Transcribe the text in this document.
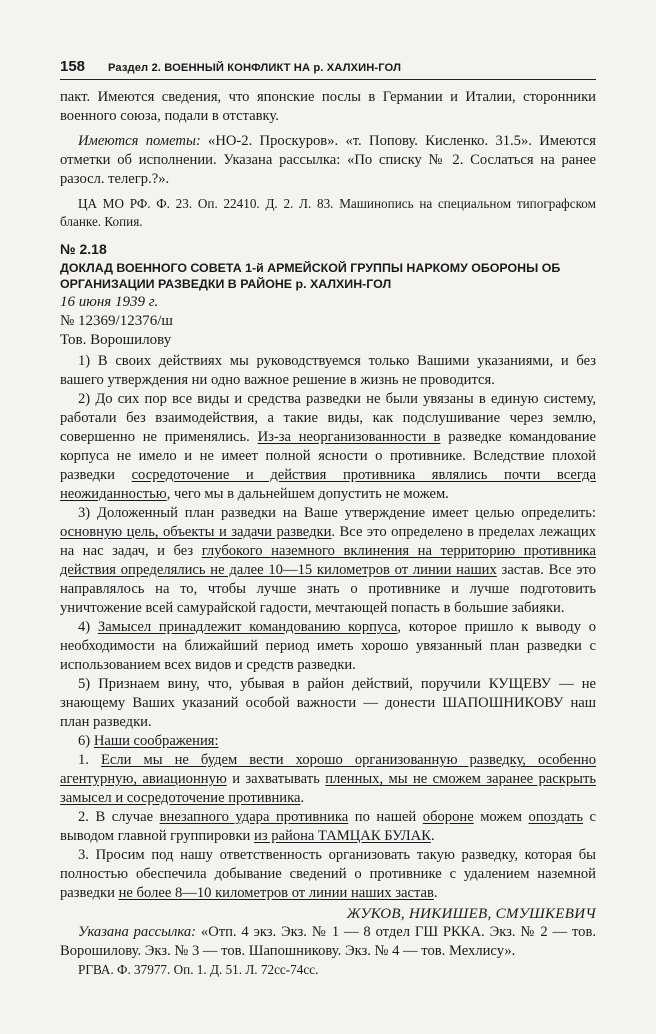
158	Раздел 2. ВОЕННЫЙ КОНФЛИКТ НА р. ХАЛХИН-ГОЛ

пакт. Имеются сведения, что японские послы в Германии и Италии, сторонники военного союза, подали в отставку.

Имеются пометы: «НО-2. Проскуров». «т. Попову. Кисленко. 31.5». Имеются отметки об исполнении. Указана рассылка: «По списку № 2. Сослаться на ранее разосл. телегр.?».

ЦА МО РФ. Ф. 23. Оп. 22410. Д. 2. Л. 83. Машинопись на специальном типографском бланке. Копия.

№ 2.18
ДОКЛАД ВОЕННОГО СОВЕТА 1-й АРМЕЙСКОЙ ГРУППЫ НАРКОМУ ОБОРОНЫ ОБ ОРГАНИЗАЦИИ РАЗВЕДКИ В РАЙОНЕ р. ХАЛХИН-ГОЛ
16 июня 1939 г.
№ 12369/12376/ш
Тов. Ворошилову

1) В своих действиях мы руководствуемся только Вашими указаниями, и без вашего утверждения ни одно важное решение в жизнь не проводится.

2) До сих пор все виды и средства разведки не были увязаны в единую систему, работали без взаимодействия, а такие виды, как подслушивание через землю, совершенно не применялись. Из-за неорганизованности в разведке командование корпуса не имело и не имеет полной ясности о противнике. Вследствие плохой разведки сосредоточение и действия противника являлись почти всегда неожиданностью, чего мы в дальнейшем допустить не можем.

3) Доложенный план разведки на Ваше утверждение имеет целью определить: основную цель, объекты и задачи разведки. Все это определено в пределах лежащих на нас задач, и без глубокого наземного вклинения на территорию противника действия определялись не далее 10—15 километров от линии наших застав. Все это направлялось на то, чтобы лучше знать о противнике и лучше подготовить уничтожение всей самурайской гадости, мечтающей попасть в большие забияки.

4) Замысел принадлежит командованию корпуса, которое пришло к выводу о необходимости на ближайший период иметь хорошо увязанный план разведки с использованием всех видов и средств разведки.

5) Признаем вину, что, убывая в район действий, поручили КУЩЕВУ — не знающему Ваших указаний особой важности — донести ШАПОШНИКОВУ наш план разведки.

6) Наши соображения:

1. Если мы не будем вести хорошо организованную разведку, особенно агентурную, авиационную и захватывать пленных, мы не сможем заранее раскрыть замысел и сосредоточение противника.

2. В случае внезапного удара противника по нашей обороне можем опоздать с выводом главной группировки из района ТАМЦАК БУЛАК.

3. Просим под нашу ответственность организовать такую разведку, которая бы полностью обеспечила добывание сведений о противнике с удалением наземной разведки не более 8—10 километров от линии наших застав.

ЖУКОВ, НИКИШЕВ, СМУШКЕВИЧ

Указана рассылка: «Отп. 4 экз. Экз. № 1 — 8 отдел ГШ РККА. Экз. № 2 — тов. Ворошилову. Экз. № 3 — тов. Шапошникову. Экз. № 4 — тов. Мехлису».

РГВА. Ф. 37977. Оп. 1. Д. 51. Л. 72сс-74сс.
